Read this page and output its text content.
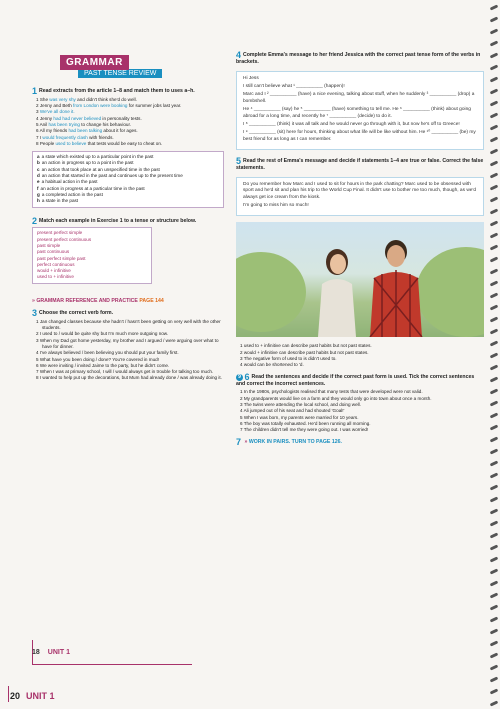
GRAMMAR
PAST TENSE REVIEW
1 Read extracts from the article 1–8 and match them to uses a–h.
1 She was very shy and didn't think she'd do well.
2 Jenny and Beth from London were booking for summer jobs last year.
3 We've all done it.
4 Jenny had had never believed in personality tests.
5 Anil has been trying to change his behaviour.
6 All my friends had been talking about it for ages.
7 I would frequently clash with friends.
8 People used to believe that tests would be easy to cheat on.

a a state which existed up to a particular point in the past

b an action in progress up to a point in the past

c an action that took place at an unspecified time in the past

d an action that started in the past and continues up to the present time

e a habitual action in the past

f an action in progress at a particular time in the past

g a completed action in the past

h a state in the past

2 Match each example in Exercise 1 to a tense or structure below.
present perfect simple
present perfect continuous
past simple
past continuous
past perfect simple past
perfect continuous
would + infinitive
used to + infinitive
» GRAMMAR REFERENCE AND PRACTICE PAGE 144
3 Choose the correct verb form.
1 Jan changed classes because she hadn't / hasn't been getting on very well with the other students.
2 I used to / would be quite shy but I'm much more outgoing now.
3 When my Dad got home yesterday, my brother and I argued / were arguing over what to have for dinner.
4 I've always believed / been believing you should put your family first.
5 What have you been doing / done? You're covered in mud!
6 We were inviting / invited Jaime to the party, but he didn't come.
7 When I was at primary school, I will / would always get in trouble for talking too much.
8 I wanted to help put up the decorations, but Mum had already done / was already doing it.
4 Complete Emma's message to her friend Jessica with the correct past tense form of the verbs in brackets.

Hi Jess

I still can't believe what ¹ __________ (happen)!

Marc and I ² __________ (have) a nice evening, talking about stuff, when he suddenly ³ __________ (drop) a bombshell.

He ⁴ __________ (say) he ⁵ __________ (have) something to tell me. He ⁶ __________ (think) about going abroad for a long time, and recently he ⁷ __________ (decide) to do it.

I ⁸ __________ (think) it was all talk and he would never go through with it, but now he's off to Greece!

I ⁹ __________ (sit) here for hours, thinking about what life will be like without him. He ¹⁰ __________ (be) my best friend for as long as I can remember.

5 Read the rest of Emma's message and decide if statements 1–4 are true or false. Correct the false statements.

Do you remember how Marc and I used to sit for hours in the park chatting? Marc used to be obsessed with sport and he'd sit and plan his trip to the World Cup Final. It didn't use to bother me too much, though, as we'd always get ice cream from the kiosk.

I'm going to miss him so much!

1 used to + infinitive can describe past habits but not past states.
2 would + infinitive can describe past habits but not past states.
3 The negative form of used to is didn't used to.
4 would can be shortened to 'd.
9 6 Read the sentences and decide if the correct past form is used. Tick the correct sentences and correct the incorrect sentences.
1 In the 1980s, psychologists realised that many tests that were developed were not valid.
2 My grandparents would live on a farm and they would only go into town about once a month.
3 The twins were attending the local school, and doing well.
4 Ali jumped out of his seat and had shouted 'Goal!'
5 When I was born, my parents were married for 10 years.
6 The boy was totally exhausted. He'd been running all morning.
7 The children didn't tell me they were going out. I was worried!
7 » WORK IN PAIRS. TURN TO PAGE 126.
18 UNIT 1
20 UNIT 1
